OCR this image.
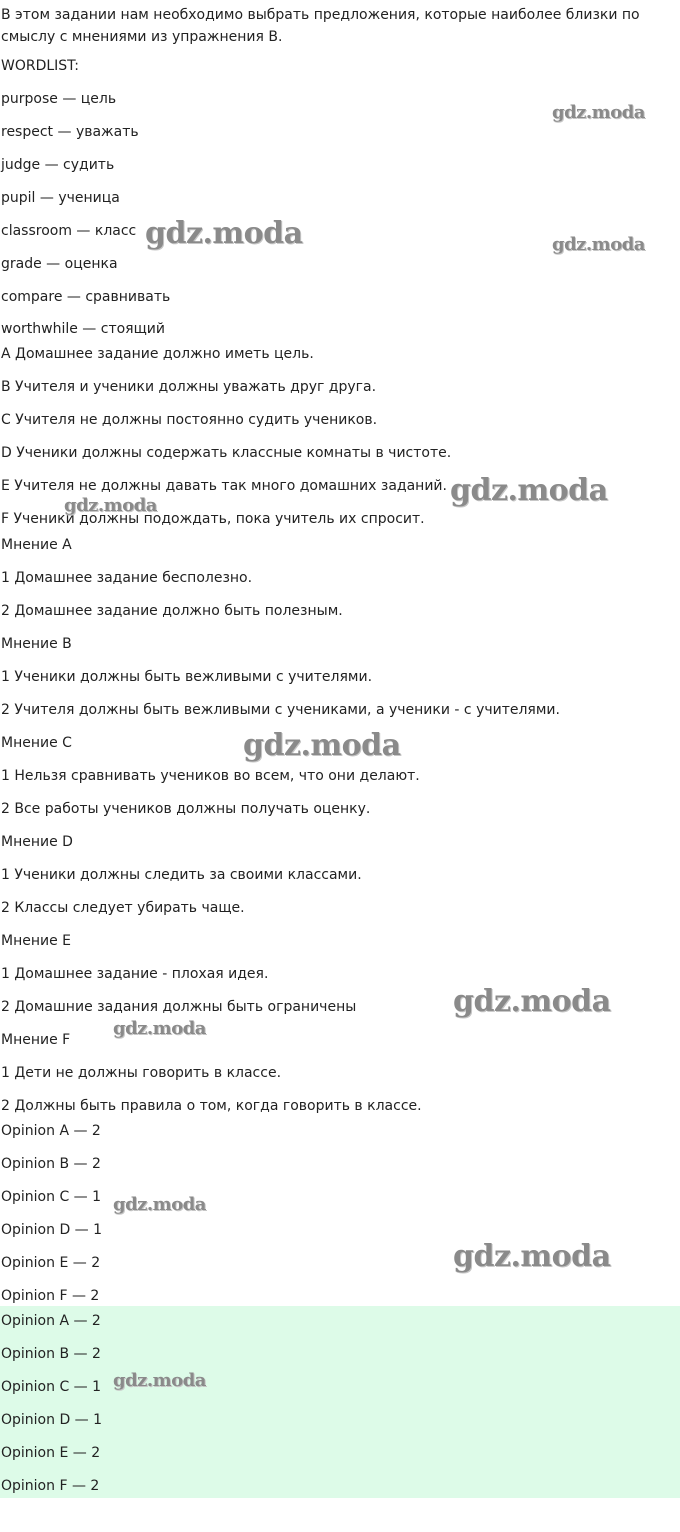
В этом задании нам необходимо выбрать предложения, которые наиболее близки по смыслу с мнениями из упражнения B.
WORDLIST:
purpose — цель
respect — уважать
judge — судить
pupil — ученица
classroom — класс
grade — оценка
compare — сравнивать
worthwhile — стоящий
A Домашнее задание должно иметь цель.
B Учителя и ученики должны уважать друг друга.
C Учителя не должны постоянно судить учеников.
D Ученики должны содержать классные комнаты в чистоте.
E Учителя не должны давать так много домашних заданий.
F Ученики должны подождать, пока учитель их спросит.
Мнение A
1 Домашнее задание бесполезно.
2 Домашнее задание должно быть полезным.
Мнение B
1 Ученики должны быть вежливыми с учителями.
2 Учителя должны быть вежливыми с учениками, а ученики - с учителями.
Мнение C
1 Нельзя сравнивать учеников во всем, что они делают.
2 Все работы учеников должны получать оценку.
Мнение D
1 Ученики должны следить за своими классами.
2 Классы следует убирать чаще.
Мнение E
1 Домашнее задание - плохая идея.
2 Домашние задания должны быть ограничены
Мнение F
1 Дети не должны говорить в классе.
2 Должны быть правила о том, когда говорить в классе.
Opinion A — 2
Opinion B — 2
Opinion C — 1
Opinion D — 1
Opinion E — 2
Opinion F — 2
Opinion A — 2
Opinion B — 2
Opinion C — 1
Opinion D — 1
Opinion E — 2
Opinion F — 2
gdz.moda
gdz.moda	gdz.moda
gdz.moda	gdz.moda
gdz.moda
gdz.moda
gdz.moda
gdz.moda
gdz.moda
gdz.moda
